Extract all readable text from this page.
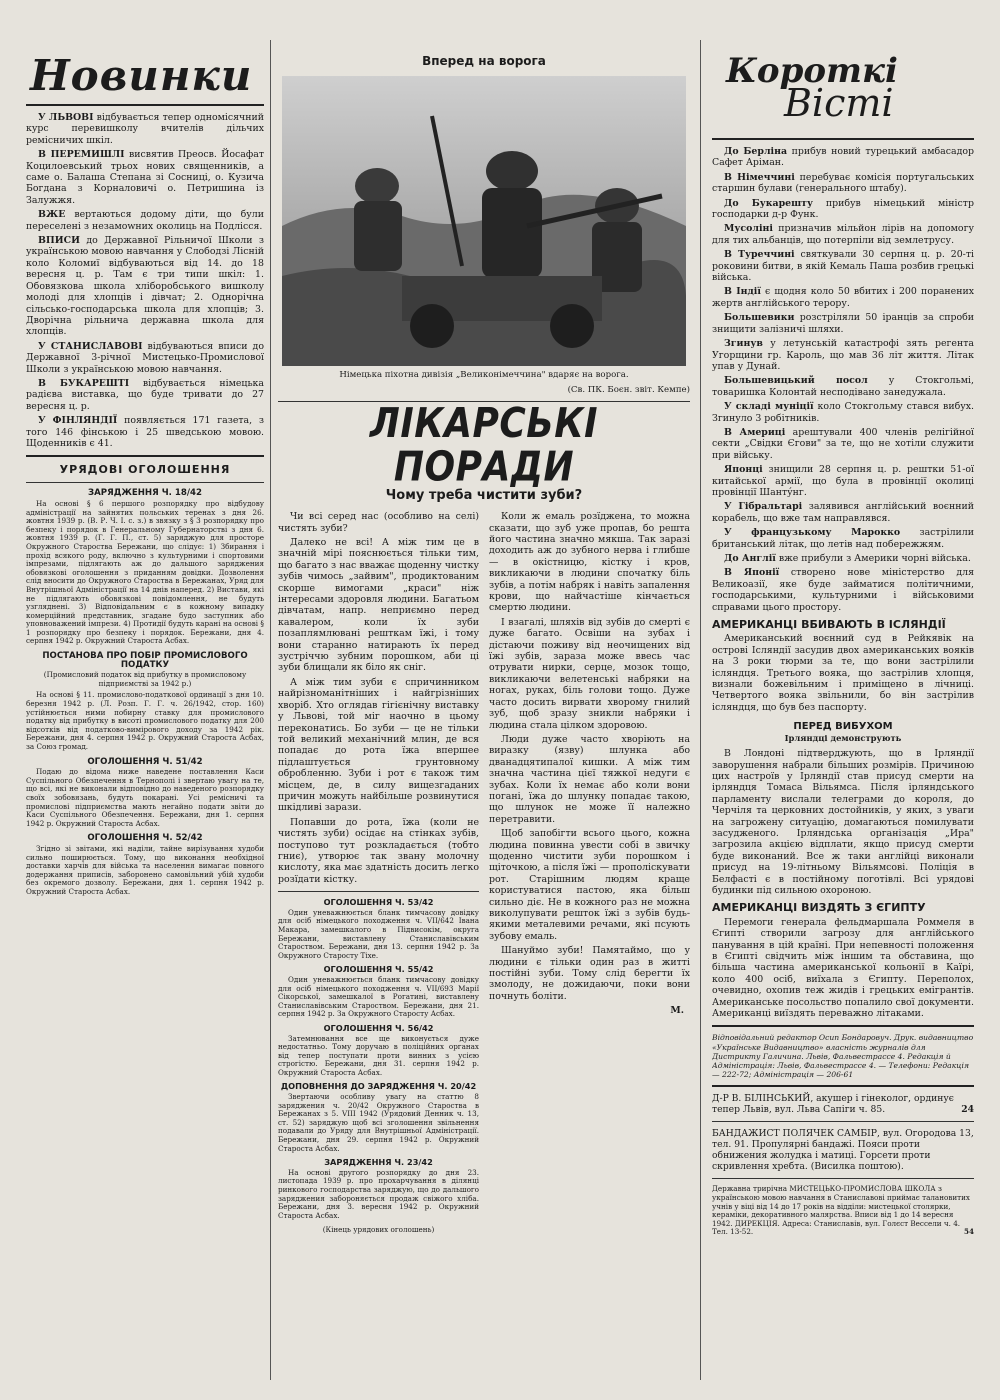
Новинки

У ЛЬВОВІ відбувається тепер одномісячний курс перевишколу вчителів дільчих ремісничих шкіл.

В ПЕРЕМИШЛІ висвятив Преосв. Йосафат Коцилоевський трьох нових священників, а саме о. Балаша Степана зі Сосниці, о. Кузича Богдана з Корналовичі о. Петришина із Залужжя.

ВЖЕ вертаються додому діти, що були переселені з незамowних околиць на Подлісся.

ВПИСИ до Державної Рільничої Школи з українською мовою навчання у Слободзі Лісній коло Коломиї відбуваються від 14. до 18 вересня ц. р. Там є три типи шкіл: 1. Обовязкова школа хліборобського вишколу молоді для хлопців і дівчат; 2. Однорічна сільсько-господарська школа для хлопців; 3. Дворічна рільнича державна школа для хлопців.

У СТАНИСЛАВОВІ відбуваються вписи до Державної 3-річної Мистецько-Промислової Школи з українською мовою навчання.

В БУКАРЕШТІ відбувається німецька радієва виставка, що буде тривати до 27 вересня ц. р.

У ФІНЛЯНДІЇ появляється 171 газета, з того 146 фінською і 25 шведською мовою. Щоденників є 41.

УРЯДОВІ ОГОЛОШЕННЯ
ЗАРЯДЖЕННЯ Ч. 18/42

На основі § 6 першого розпорядку про відбудову адміністрації на зайнятих польських теренах з дня 26. жовтня 1939 р. (В. Р. Ч. І. с. з.) в звязку з § 3 розпорядку про безпеку і порядок в Генеральному Губернаторстві з дня 6. жовтня 1939 р. (Г. Г. П., ст. 5) заряджую для просторе Окружного Староства Бережани, що слідує: 1) Збирання і прохід всякого роду, включно з культурними і спортовими імпрезами, підлягають аж до дальшого заряджения обовязкові оголошення з приданням довідки. Дозволення слід вносити до Окружного Староства в Бережанах, Уряд для Внутрішньої Адміністрації на 14 днів наперед. 2) Вистави, які не підлягають обовязкові повідомлення, не будуть узгляднені. 3) Відповідальним є в кожному випадку комерційний представник, згадане будо заступник або уповноважений імпрези. 4) Протидії будуть карані на основі § 1 розпорядку про безпеку і порядок. Бережани, дня 4. серпня 1942 р. Окружний Староста Асбах.

ПОСТАНОВА ПРО ПОБІР ПРОМИСЛОВОГО ПОДАТКУ
(Промисловий податок від прибутку в промисловому підприємстві за 1942 р.)

На основі § 11. промислово-податкової ординації з дня 10. березня 1942 р. (Л. Розп. Г. Г. ч. 26/1942, стор. 160) устійнюється ними побирну ставку для промислового податку від прибутку в висоті промислового податку для 200 відсотків від податково-вимірового доходу за 1942 рік. Бережани, дня 4. серпня 1942 р. Окружний Староста Асбах, за Союз громад.

ОГОЛОШЕННЯ Ч. 51/42

Подаю до відома ниже наведене поставлення Каси Суспільного Обезпечення в Тернополі і звертаю увагу на те, що всі, які не виконали відповідно до наведеного розпорядку своїх зобовязань, будуть покарані. Усі ремісничі та промислові підприємства мають негайно подати звіти до Каси Суспільного Обезпечення. Бережани, дня 1. серпня 1942 р. Окружний Староста Асбах.

ОГОЛОШЕННЯ Ч. 52/42

Згідно зі звітами, які наділи, тайне вирізування худоби сильно поширюється. Тому, що виконання необхідної доставки харчів для війська та населення вимагає повного додержання приписів, заборонено самовільний убій худоби без окремого дозволу. Бережани, дня 1. серпня 1942 р. Окружний Староста Асбах.

Вперед на ворога
Німецька піхотна дивізія „Великонімеччина" вдаряє на ворога.
(Св. ПК. Боєн. звіт. Кемпе)
ЛІКАРСЬКІ ПОРАДИ
Чому треба чистити зуби?

Чи всі серед нас (особливо на селі) чистять зуби?

Далеко не всі! А між тим це в значній мірі пояснюється тільки тим, що багато з нас вважає щоденну чистку зубів чимось „зайвим", продиктованим скорше вимогами „краси" ніж інтересами здоровля людини. Багатьом дівчатам, напр. неприємно перед кавалером, коли їх зуби позаплямлювані решткам їжі, і тому вони старанно натирають їх перед зустріччю зубним порошком, аби ці зуби блищали як біло як сніг.

А між тим зуби є спричинником найрізноманітніших і найгрізніших хворіб. Хто оглядав гігієнічну виставку у Львові, той міг наочно в цьому переконатись. Бо зуби — це не тільки той великий механічний млин, де вся попадає до рота їжа впершее підлаштується грунтовному обробленню. Зуби і рот є також тим місцем, де, в силу вищезгаданих причин можуть найбільше розвинутися шкідливі зарази.

Попавши до рота, їжа (коли не чистять зуби) осідає на стінках зубів, поступово тут розкладається (тобто гниє), утворює так звану молочну кислоту, яка має здатність досить легко розїдати кістку.

ОГОЛОШЕННЯ Ч. 53/42

Один уневажнюється бланк тимчасову довідку для осіб німецького походження ч. VII/642 Івана Макара, замешкалого в Підвисокім, округа Бережани, виставлену Станиславівським Староством. Бережани, дня 13. серпня 1942 р. За Окружного Старосту Тіхе.

ОГОЛОШЕННЯ Ч. 55/42

Один уневажнюється бланк тимчасову довідку для осіб німецького походження ч. VII/693 Марії Сікорської, замешкалої в Рогатині, виставлену Станиславівським Староством. Бережани, дня 21. серпня 1942 р. За Окружного Старосту Асбах.

ОГОЛОШЕННЯ Ч. 56/42

Затемнювання все ще виконується дуже недостатньо. Тому доручаю в поліційних органах від тепер поступати проти винних з усією строгістю. Бережани, дня 31. серпня 1942 р. Окружний Староста Асбах.

ДОПОВНЕННЯ ДО ЗАРЯДЖЕННЯ Ч. 20/42

Звертаючи особливу увагу на статтю 8 заряджения ч. 20/42 Окружного Староства в Бережанах з 5. VIII 1942 (Урядовий Денник ч. 13, ст. 52) заряджую щоб всі зголошення звільнення подавали до Уряду для Внутрішньої Адміністрації. Бережани, дня 29. серпня 1942 р. Окружний Староста Асбах.

ЗАРЯДЖЕННЯ Ч. 23/42

На основі другого розпорядку до дня 23. листопада 1939 р. про прохарчування в ділянці ринкового господарства заряджую, що до дальшого заряджения забороняється продаж свіжого хліба. Бережани, дня 3. вересня 1942 р. Окружний Староста Асбах.

(Кінець урядових оголошень)

Коли ж емаль розїджена, то можна сказати, що зуб уже пропав, бо решта його частина значно мякша. Так заразі доходить аж до зубного нерва і глибше — в окістницю, кістку і кров, викликаючи в людини спочатку біль зубів, а потім набряк і навіть запалення крови, що найчастіше кінчається смертю людини.

І взагалі, шляхів від зубів до смерті є дуже багато. Освіши на зубах і дістаючи поживу від неочищених від їжі зубів, зараза може ввесь час отрувати нирки, серце, мозок тощо, викликаючи велетенські набряки на ногах, руках, біль голови тощо. Дуже часто досить вирвати хворому гнилий зуб, щоб зразу зникли набряки і людина стала цілком здоровою.

Люди дуже часто хворіють на виразку (язву) шлунка або дванадцятипалої кишки. А між тим значна частина цієї тяжкої недуги є зубах. Коли їх немає або коли вони погані, їжа до шлунку попадає такою, що шлунок не може її належно перетравити.

Щоб запобігти всього цього, кожна людина повинна увести собі в звичку щоденно чистити зуби порошком і щіточкою, а після їжі — прополіскувати рот. Старішним людям краще користуватися пастою, яка більш сильно діє. Не в кожного раз не можна виколупувати решток їжі з зубів будь-якими металевими речами, які псують зубову емаль.

Шануймо зуби! Памятаймо, що у людини є тільки один раз в житті постійні зуби. Тому слід берегти їх змолоду, не дожидаючи, поки вони почнуть боліти.

М.
Короткі
Вісті

До Берліна прибув новий турецький амбасадор Сафет Аріман.

В Німеччині перебуває комісія португальських старшин булави (генерального штабу).

До Букарешту прибув німецький міністр господарки д-р Функ.

Мусоліні призначив мільйон лірів на допомогу для тих альбанців, що потерпіли від землетрусу.

В Туреччині святкували 30 серпня ц. р. 20-ті роковини битви, в якій Кемаль Паша розбив грецькі війська.

В Індії є щодня коло 50 вбитих і 200 поранених жертв англійського терору.

Большевики розстріляли 50 іранців за спроби знищити залізничі шляхи.

Згинув у летунській катастрофі зять регента Угорщини гр. Кароль, що мав 36 літ життя. Літак упав у Дунай.

Большевицький посол у Стокгольмі, товаришка Колонтай несподівано занедужала.

У складі муніції коло Стокгольму стався вибух. Згинуло 3 робітників.

В Америці арештували 400 членів релігійної секти „Свідки Єгови" за те, що не хотіли служити при війську.

Японці знищили 28 серпня ц. р. рештки 51-ої китайської армії, що була в провінції околиці провінції Шанту́нг.

У Гібральтарі залявився англійський воєнний корабель, що вже там направлявся.

У французькому Марокко застрілили британський літак, що летів над побережжям.

До Англії вже прибули з Америки чорні війська.

В Японії створено нове міністерство для Великоазії, яке буде займатися політичними, господарськими, культурними і військовими справами цього простору.

АМЕРИКАНЦІ ВБИВАЮТЬ В ІСЛЯНДІЇ

Американський воєнний суд в Рейкявік на острові Ісляндії засудив двох американських вояків на 3 роки тюрми за те, що вони застрілили ісляндця. Третього вояка, що застрілив хлопця, визнали божевільним і приміщено в лічниці. Четвертого вояка звільнили, бо він застрілив ісляндця, що був без паспорту.

ПЕРЕД ВИБУХОМ
Ірляндці демонструють

В Лондоні підтверджують, що в Ірляндії заворушення набрали більших розмірів. Причиною цих настроїв у Ірляндії став присуд смерти на ірляндця Томаса Вільямса. Після ірляндського парламенту вислали телеграми до короля, до Черчіля та церковних достойників, у яких, з уваги на загрожену ситуацію, домагаються помилувати засудженого. Ірляндська організація „Ира" загрозила акцією відплати, якщо присуд смерти буде виконаний. Все ж таки англійці виконали присуд на 19-літньому Вільямсові. Поліція в Белфасті є в постійному поготівлі. Всі урядові будинки під сильною охороною.

АМЕРИКАНЦІ ВИЗДЯТЬ З ЄГИПТУ

Перемоги генерала фельдмаршала Роммеля в Єгипті створили загрозу для англійського панування в цій країні. При непевності положення в Єгипті свідчить між іншим та обставина, що більша частина американської кольонії в Каїрі, коло 400 осіб, виїхала з Єгипту. Переполох, очевидно, охопив теж жидів і грецьких емігрантів. Американське посольство попалило свої документи. Американці виїздять переважно літаками.

Відповідальний редактор Осип Бондаровуч. Друк. видавництво «Українське Видавництво» власність журналів для Дистрикту Галичина. Львів, Фальвестрассе 4. Редакція й Адміністрація: Львів, Фальвестрассе 4. — Телефони: Редакція — 222-72; Адміністрація — 206-61
Д-Р В. БІЛІНСЬКИЙ, акушер і гінеколог, ординує тепер Львів, вул. Льва Сапіги ч. 85.	24
БАНДАЖИСТ ПОЛЯЧЕК САМБІР, вул. Огородова 13, тел. 91. Пропулярні бандажі. Пояси проти обнижения жолудка і матиці. Горсети проти скривлення хребта. (Висилка поштою).
Державна трирічна МИСТЕЦЬКО-ПРОМИСЛОВА ШКОЛА з українською мовою навчання в Станиславові приймає талановитих учнів у віці від 14 до 17 років на відділи: мистецької столярки, кераміки, декоративного малярства. Вписи від 1 до 14 вересня 1942. ДИРЕКЦІЯ. Адреса: Станиславів, вул. Голєст Вессели ч. 4. Тел. 13-52.	54
